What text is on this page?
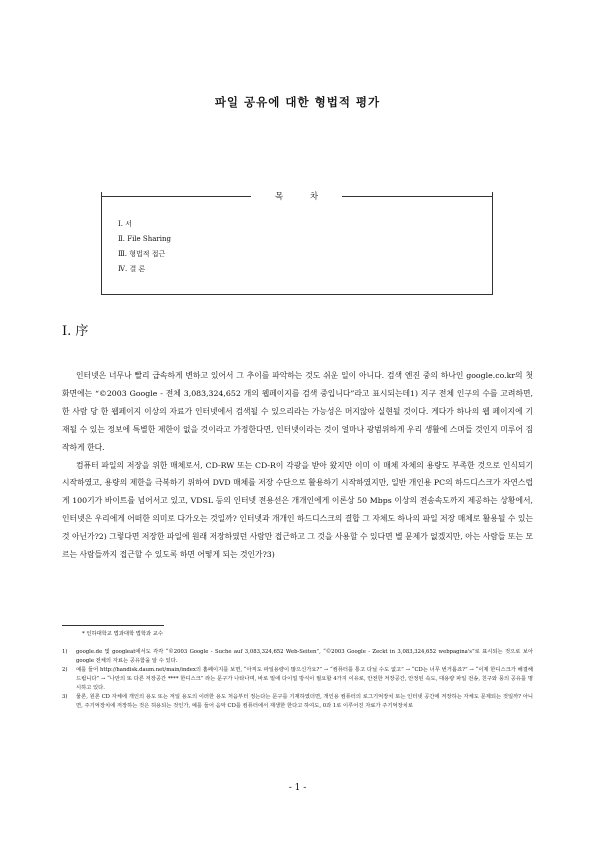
파일 공유에 대한 형법적 평가
목 차
Ⅰ. 서
Ⅱ. File Sharing
Ⅲ. 형법적 접근
Ⅳ. 결 론
Ⅰ. 序

인터넷은 너무나 빨리 급속하게 변하고 있어서 그 추이를 파악하는 것도 쉬운 일이 아니다. 검색 엔진 중의 하나인 google.co.kr의 첫 화면에는 “©2003 Google - 전체 3,083,324,652 개의 웹페이지를 검색 중입니다”라고 표시되는데1) 지구 전체 인구의 수를 고려하면, 한 사람 당 한 웹페이지 이상의 자료가 인터넷에서 검색될 수 있으리라는 가능성은 머지않아 실현될 것이다. 게다가 하나의 웹 페이지에 기재될 수 있는 정보에 특별한 제한이 없을 것이라고 가정한다면, 인터넷이라는 것이 얼마나 광범위하게 우리 생활에 스며들 것인지 미루어 짐작하게 한다.

컴퓨터 파일의 저장을 위한 매체로서, CD-RW 또는 CD-R이 각광을 받아 왔지만 이미 이 매체 자체의 용량도 부족한 것으로 인식되기 시작하였고, 용량의 제한을 극복하기 위하여 DVD 매체를 저장 수단으로 활용하기 시작하였지만, 일반 개인용 PC의 하드디스크가 자연스럽게 100기가 바이트를 넘어서고 있고, VDSL 등의 인터넷 전용선은 개개인에게 이론상 50 Mbps 이상의 전송속도까지 제공하는 상황에서, 인터넷은 우리에게 어떠한 의미로 다가오는 것일까? 인터넷과 개개인 하드디스크의 결합 그 자체도 하나의 파일 저장 매체로 활용될 수 있는 것 아닌가?2) 그렇다면 저장한 파일에 원래 저장하였던 사람만 접근하고 그 것을 사용할 수 있다면 별 문제가 없겠지만, 아는 사람들 또는 모르는 사람들까지 접근할 수 있도록 하면 어떻게 되는 것인가?3)

* 인하대학교 법과대학 법학과 교수
1) google.de 및 googleat에서도 각각 “©2003 Google - Suche auf 3,083,324,652 Web-Seiten”, “©2003 Google - Zeckt in 3,083,324,652 webpagina's”로 표시되는 것으로 보아 google 전체의 자료는 공유함을 알 수 있다.
2) 예를 들어 http://handisk.daum.net/main/index의 홈페이지를 보면, “아직도 파일용량이 많으신가요?” → “컴퓨터를 통고 다닐 수도 없고” → “CD는 너무 번거롭죠?” → “이제 한디스크가 해결해 드립니다” → “나만의 또 다른 저장공간 **** 한디스크” 라는 문구가 나타나며, 바로 밑에 다이얼 방식이 필요할 4가지 이유로, 안전한 저장공간, 안정된 속도, 대용량 파일 전송, 친구와 뭉의 공유를 명시하고 있다.
3) 물론, 원론 CD 자체에 개인의 용도 또는 저일 용도의 이러한 용도 처음부터 정는다는 문구를 기재하였더면, 개인용 컴퓨터의 로그기억장치 또는 인터넷 공간에 저장하는 자체도 문제되는 것일까? 아니면, 주기억장치에 저장하는 것은 허용되는 것인가, 예를 들어 음악 CD를 컴퓨터에서 재생한 한다고 하여도, 0과 1로 이루어진 자료가 주기억장치로
- 1 -
